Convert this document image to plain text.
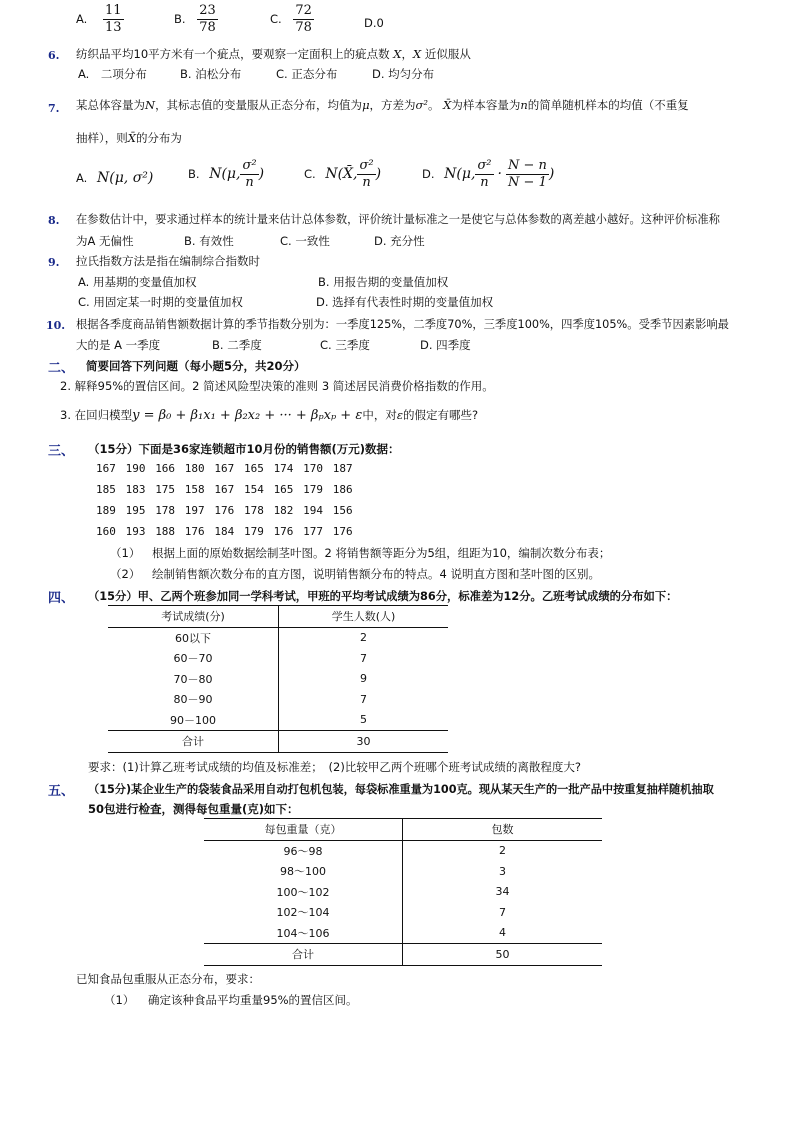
A. $\frac{11}{13}$	B. $\frac{23}{78}$	C. $\frac{72}{78}$	D.0
6. 纺织品平均10平方米有一个疵点，要观察一定面积上的疵点数 X，X 近似服从
A.　二项分布	B. 泊松分布	C. 正态分布	D. 均匀分布
7. 某总体容量为N，其标志值的变量服从正态分布，均值为μ，方差为σ²。 X̄为样本容量为n的简单随机样本的均值（不重复
抽样），则X̄的分布为
A. N(μ, σ²)	B. N(μ, $\frac{\text{σ²}}{n}$ )	C. N(X̄, $\frac{\text{σ²}}{n}$ )	D. N(μ, $\frac{\text{σ²}}{n} \cdot \frac{N - n}{N - 1}$ )
8. 在参数估计中，要求通过样本的统计量来估计总体参数，评价统计量标准之一是使它与总体参数的离差越小越好。这种评价标准称
为A 无偏性	B. 有效性	C. 一致性	D. 充分性
9. 拉氏指数方法是指在编制综合指数时
A. 用基期的变量值加权	B. 用报告期的变量值加权
C. 用固定某一时期的变量值加权	D. 选择有代表性时期的变量值加权
10. 根据各季度商品销售额数据计算的季节指数分别为：一季度125%，二季度70%，三季度100%，四季度105%。受季节因素影响最
大的是 A 一季度	B. 二季度	C. 三季度	D. 四季度
二、 简要回答下列问题（每小题5分，共20分）
2. 解释95%的置信区间。2 简述风险型决策的准则 3 简述居民消费价格指数的作用。
3. 在回归模型y = β₀ + β₁x₁ + β₂x₂ + ··· + βₚxₚ + ε中，对ε的假定有哪些?
三、 （15分）下面是36家连锁超市10月份的销售额(万元)数据：
167 190 166 180 167 165 174 170 187
185 183 175 158 167 154 165 179 186
189 195 178 197 176 178 182 194 156
160 193 188 176 184 179 176 177 176
（1） 根据上面的原始数据绘制茎叶图。2 将销售额等距分为5组，组距为10，编制次数分布表；
（2） 绘制销售额次数分布的直方图，说明销售额分布的特点。4 说明直方图和茎叶图的区别。
四、 （15分）甲、乙两个班参加同一学科考试，甲班的平均考试成绩为86分，标准差为12分。乙班考试成绩的分布如下：
考试成绩(分)	学生人数(人)
60以下	2
60－70	7
70－80	9
80－90	7
90－100	5
合计	30
要求：(1)计算乙班考试成绩的均值及标准差；　(2)比较甲乙两个班哪个班考试成绩的离散程度大?
五、 （15分)某企业生产的袋装食品采用自动打包机包装，每袋标准重量为100克。现从某天生产的一批产品中按重复抽样随机抽取
50包进行检查，测得每包重量(克)如下：
每包重量（克）	包数
96～98	2
98～100	3
100～102	34
102～104	7
104～106	4
合计	50
已知食品包重服从正态分布，要求：
（1） 确定该种食品平均重量95%的置信区间。
